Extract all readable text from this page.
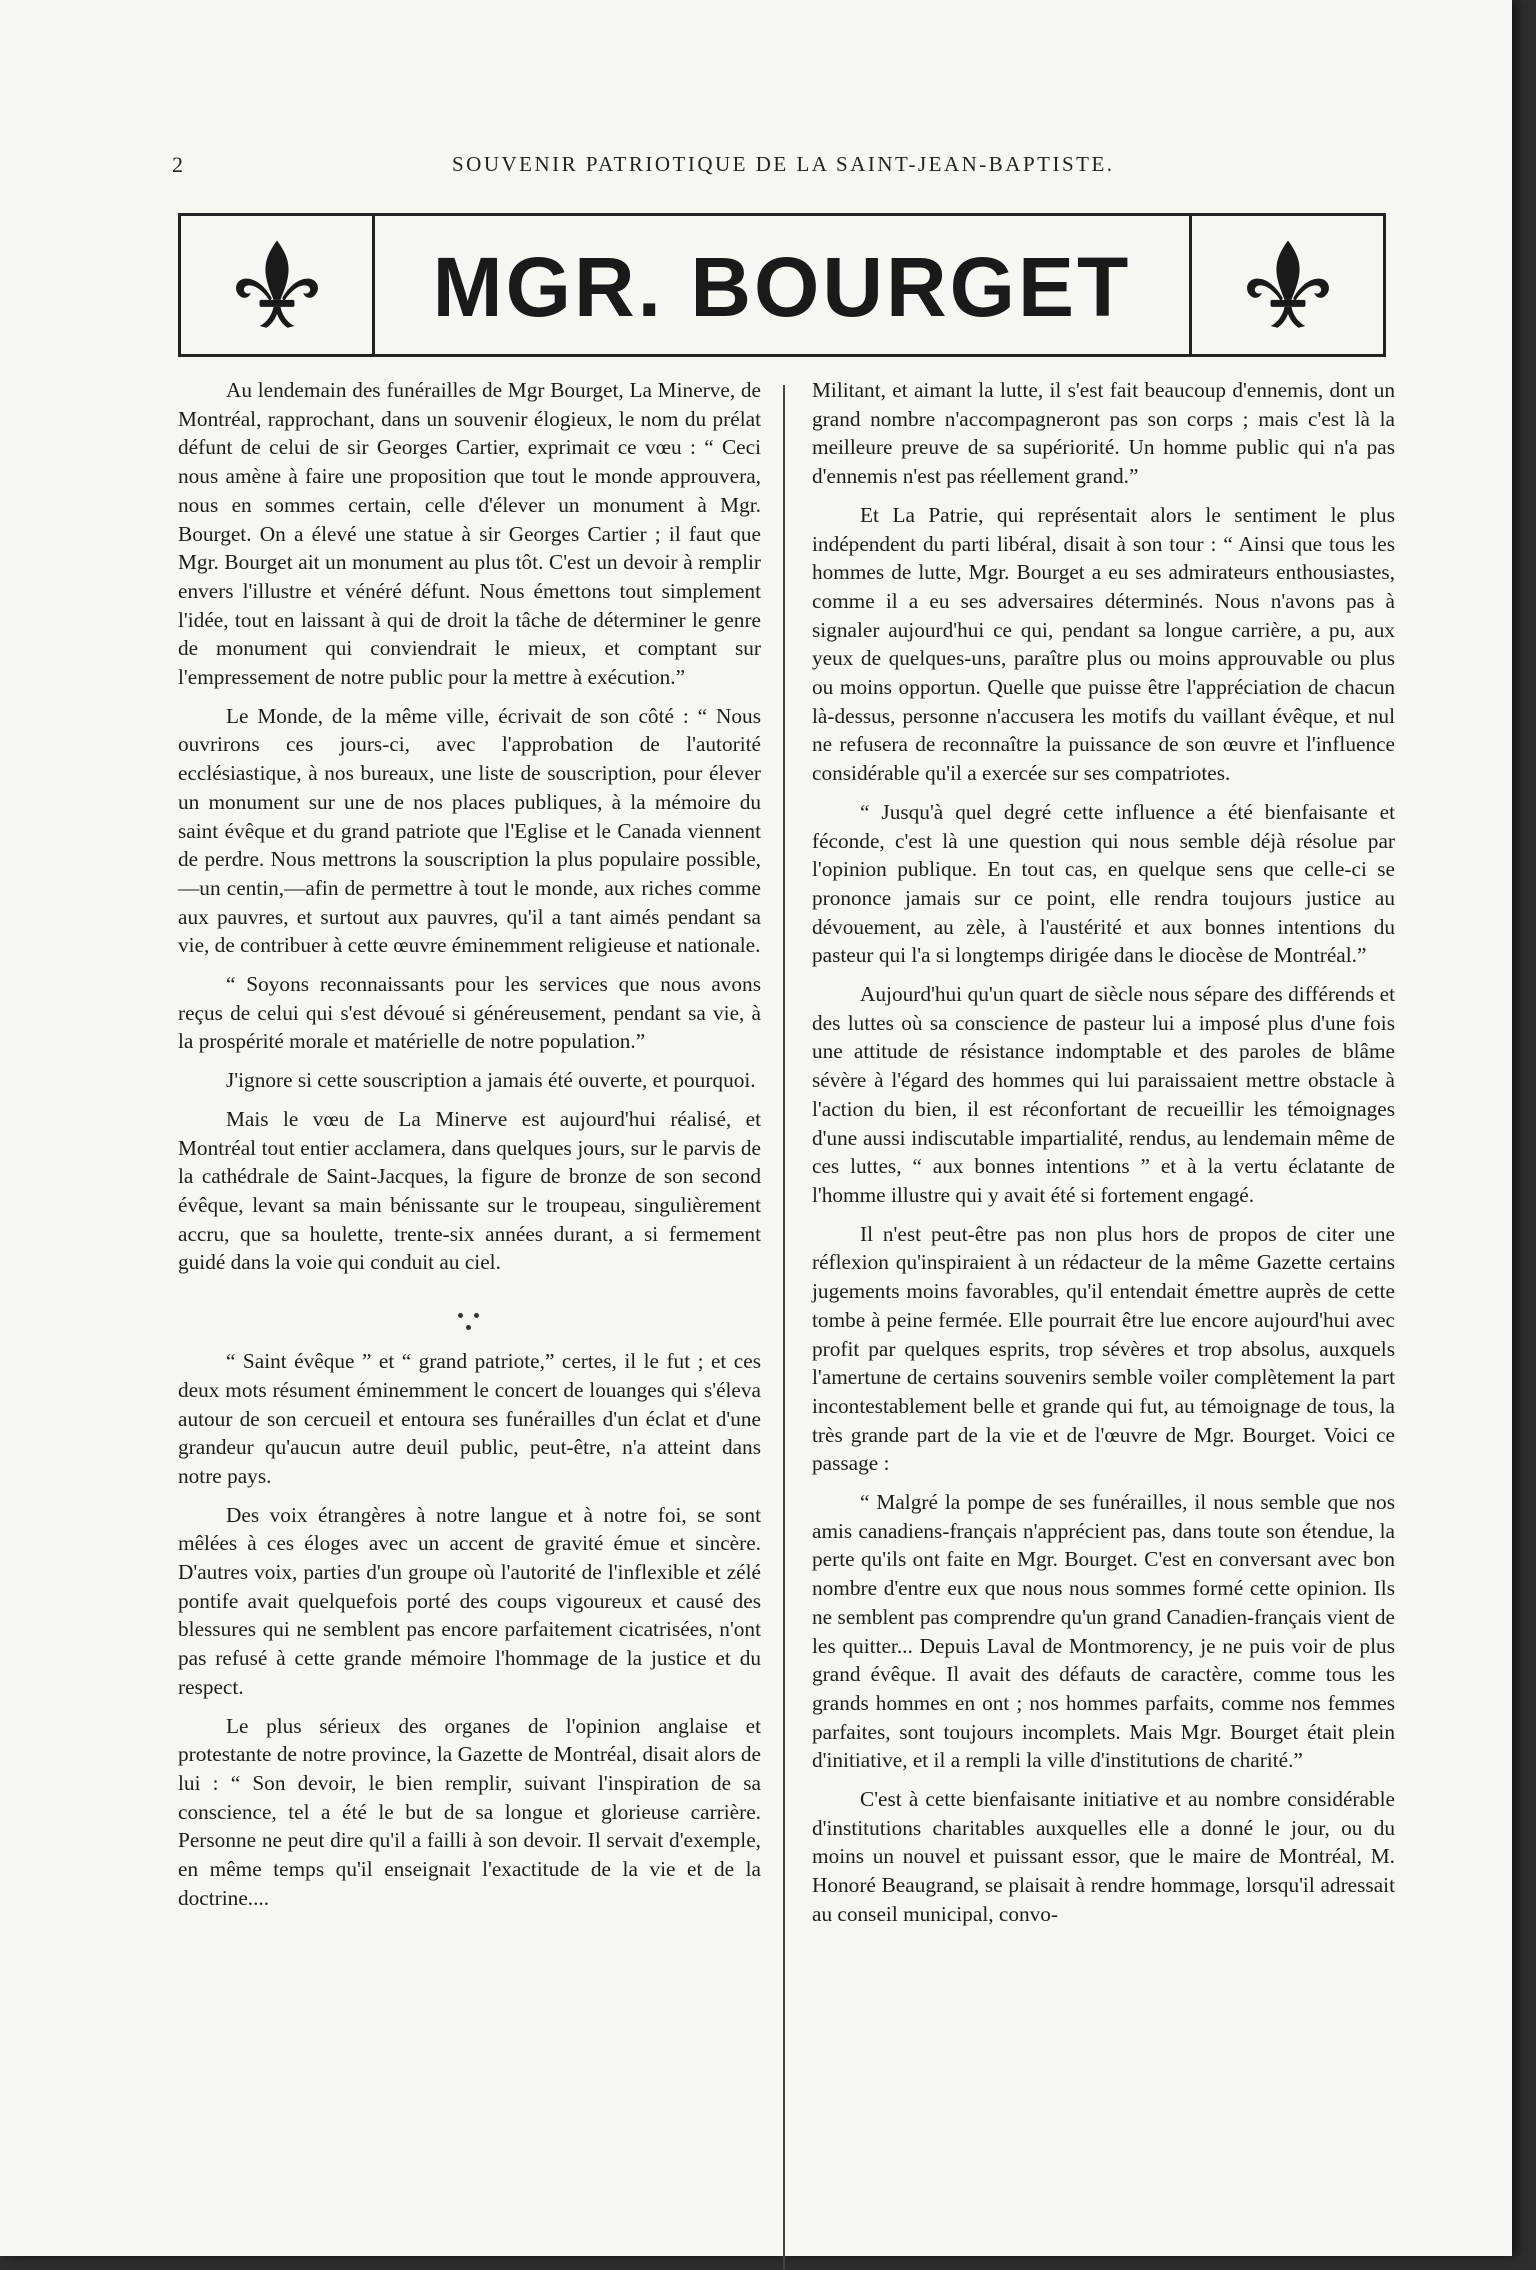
2	SOUVENIR PATRIOTIQUE DE LA SAINT-JEAN-BAPTISTE.
MGR. BOURGET

Au lendemain des funérailles de Mgr Bourget, La Minerve, de Montréal, rapprochant, dans un souvenir élogieux, le nom du prélat défunt de celui de sir Georges Cartier, exprimait ce vœu : “ Ceci nous amène à faire une proposition que tout le monde approuvera, nous en sommes certain, celle d'élever un monument à Mgr. Bourget. On a élevé une statue à sir Georges Cartier ; il faut que Mgr. Bourget ait un monument au plus tôt. C'est un devoir à remplir envers l'illustre et vénéré défunt. Nous émettons tout simplement l'idée, tout en laissant à qui de droit la tâche de déterminer le genre de monument qui conviendrait le mieux, et comptant sur l'empressement de notre public pour la mettre à exécution.”

Le Monde, de la même ville, écrivait de son côté : “ Nous ouvrirons ces jours-ci, avec l'approbation de l'autorité ecclésiastique, à nos bureaux, une liste de souscription, pour élever un monument sur une de nos places publiques, à la mémoire du saint évêque et du grand patriote que l'Eglise et le Canada viennent de perdre. Nous mettrons la souscription la plus populaire possible, —un centin,—afin de permettre à tout le monde, aux riches comme aux pauvres, et surtout aux pauvres, qu'il a tant aimés pendant sa vie, de contribuer à cette œuvre éminemment religieuse et nationale.

“ Soyons reconnaissants pour les services que nous avons reçus de celui qui s'est dévoué si généreusement, pendant sa vie, à la prospérité morale et matérielle de notre population.”

J'ignore si cette souscription a jamais été ouverte, et pourquoi.

Mais le vœu de La Minerve est aujourd'hui réalisé, et Montréal tout entier acclamera, dans quelques jours, sur le parvis de la cathédrale de Saint-Jacques, la figure de bronze de son second évêque, levant sa main bénissante sur le troupeau, singulièrement accru, que sa houlette, trente-six années durant, a si fermement guidé dans la voie qui conduit au ciel.

“ Saint évêque ” et “ grand patriote,” certes, il le fut ; et ces deux mots résument éminemment le concert de louanges qui s'éleva autour de son cercueil et entoura ses funérailles d'un éclat et d'une grandeur qu'aucun autre deuil public, peut-être, n'a atteint dans notre pays.

Des voix étrangères à notre langue et à notre foi, se sont mêlées à ces éloges avec un accent de gravité émue et sincère. D'autres voix, parties d'un groupe où l'autorité de l'inflexible et zélé pontife avait quelquefois porté des coups vigoureux et causé des blessures qui ne semblent pas encore parfaitement cicatrisées, n'ont pas refusé à cette grande mémoire l'hommage de la justice et du respect.

Le plus sérieux des organes de l'opinion anglaise et protestante de notre province, la Gazette de Montréal, disait alors de lui : “ Son devoir, le bien remplir, suivant l'inspiration de sa conscience, tel a été le but de sa longue et glorieuse carrière. Personne ne peut dire qu'il a failli à son devoir. Il servait d'exemple, en même temps qu'il enseignait l'exactitude de la vie et de la doctrine....

Militant, et aimant la lutte, il s'est fait beaucoup d'ennemis, dont un grand nombre n'accompagneront pas son corps ; mais c'est là la meilleure preuve de sa supériorité. Un homme public qui n'a pas d'ennemis n'est pas réellement grand.”

Et La Patrie, qui représentait alors le sentiment le plus indépendent du parti libéral, disait à son tour : “ Ainsi que tous les hommes de lutte, Mgr. Bourget a eu ses admirateurs enthousiastes, comme il a eu ses adversaires déterminés. Nous n'avons pas à signaler aujourd'hui ce qui, pendant sa longue carrière, a pu, aux yeux de quelques-uns, paraître plus ou moins approuvable ou plus ou moins opportun. Quelle que puisse être l'appréciation de chacun là-dessus, personne n'accusera les motifs du vaillant évêque, et nul ne refusera de reconnaître la puissance de son œuvre et l'influence considérable qu'il a exercée sur ses compatriotes.

“ Jusqu'à quel degré cette influence a été bienfaisante et féconde, c'est là une question qui nous semble déjà résolue par l'opinion publique. En tout cas, en quelque sens que celle-ci se prononce jamais sur ce point, elle rendra toujours justice au dévouement, au zèle, à l'austérité et aux bonnes intentions du pasteur qui l'a si longtemps dirigée dans le diocèse de Montréal.”

Aujourd'hui qu'un quart de siècle nous sépare des différends et des luttes où sa conscience de pasteur lui a imposé plus d'une fois une attitude de résistance indomptable et des paroles de blâme sévère à l'égard des hommes qui lui paraissaient mettre obstacle à l'action du bien, il est réconfortant de recueillir les témoignages d'une aussi indiscutable impartialité, rendus, au lendemain même de ces luttes, “ aux bonnes intentions ” et à la vertu éclatante de l'homme illustre qui y avait été si fortement engagé.

Il n'est peut-être pas non plus hors de propos de citer une réflexion qu'inspiraient à un rédacteur de la même Gazette certains jugements moins favorables, qu'il entendait émettre auprès de cette tombe à peine fermée. Elle pourrait être lue encore aujourd'hui avec profit par quelques esprits, trop sévères et trop absolus, auxquels l'amertune de certains souvenirs semble voiler complètement la part incontestablement belle et grande qui fut, au témoignage de tous, la très grande part de la vie et de l'œuvre de Mgr. Bourget. Voici ce passage :

“ Malgré la pompe de ses funérailles, il nous semble que nos amis canadiens-français n'apprécient pas, dans toute son étendue, la perte qu'ils ont faite en Mgr. Bourget. C'est en conversant avec bon nombre d'entre eux que nous nous sommes formé cette opinion. Ils ne semblent pas comprendre qu'un grand Canadien-français vient de les quitter... Depuis Laval de Montmorency, je ne puis voir de plus grand évêque. Il avait des défauts de caractère, comme tous les grands hommes en ont ; nos hommes parfaits, comme nos femmes parfaites, sont toujours incomplets. Mais Mgr. Bourget était plein d'initiative, et il a rempli la ville d'institutions de charité.”

C'est à cette bienfaisante initiative et au nombre considérable d'institutions charitables auxquelles elle a donné le jour, ou du moins un nouvel et puissant essor, que le maire de Montréal, M. Honoré Beaugrand, se plaisait à rendre hommage, lorsqu'il adressait au conseil municipal, convo-
